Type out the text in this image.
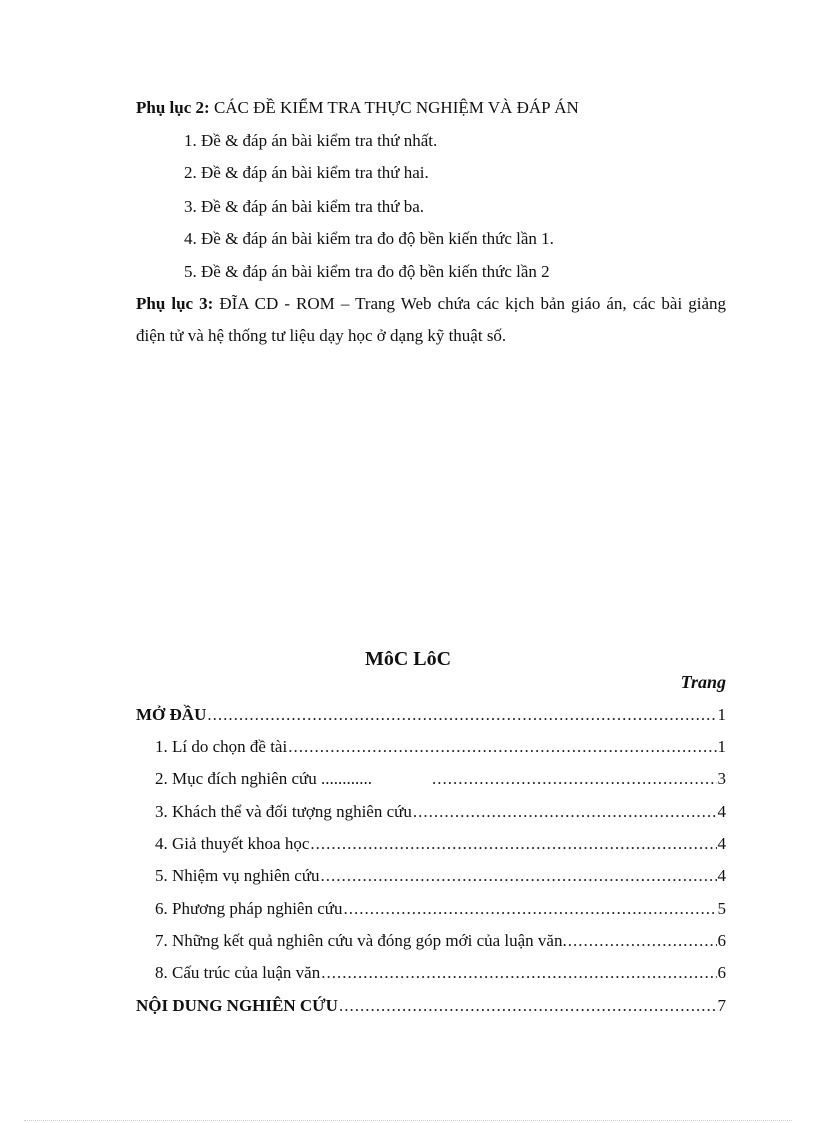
Phụ lục 2: CÁC ĐỀ KIỂM TRA THỰC NGHIỆM VÀ ĐÁP ÁN
1. Đề & đáp án bài kiểm tra thứ nhất.
2. Đề & đáp án bài kiểm tra thứ hai.
3. Đề & đáp án bài kiểm tra thứ ba.
4. Đề & đáp án bài kiểm tra đo độ bền kiến thức lần 1.
5. Đề & đáp án bài kiểm tra đo độ bền kiến thức lần 2
Phụ lục 3: ĐĨA CD - ROM – Trang Web chứa các kịch bản giáo án, các bài giảng điện tử và hệ thống tư liệu dạy học ở dạng kỹ thuật số.
MôC LôC
Trang
MỞ ĐẦU .....	1
1. Lí do chọn đề tài .....	1
2. Mục đích nghiên cứu ............ .....	3
3. Khách thể và đối tượng nghiên cứu .....	4
4. Giả thuyết khoa học .....	4
5. Nhiệm vụ nghiên cứu .....	4
6. Phương pháp nghiên cứu .....	5
7. Những kết quả nghiên cứu và đóng góp mới của luận văn. .....	6
8. Cấu trúc của luận văn .....	6
NỘI DUNG NGHIÊN CỨU .....	7
